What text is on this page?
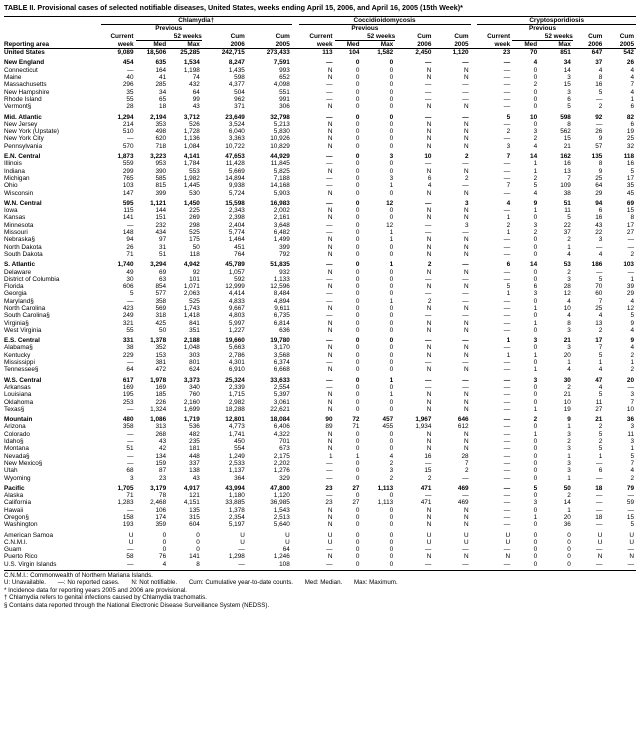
TABLE II. Provisional cases of selected notifiable diseases, United States, weeks ending April 15, 2006, and April 16, 2005 (15th Week)*
	Chlamydia†						Coccidioidomycosis						Cryptosporidiosis				
		Previous						Previous						Previous			
	Current	52 weeks		Cum	Cum		Current	52 weeks		Cum	Cum		Current	52 weeks		Cum	Cum
Reporting area	week	Med	Max	2006	2005		week	Med	Max	2006	2005		week	Med	Max	2006	2005
United States	9,089	18,506	25,285	242,715	273,433		113	104	1,582	2,450	1,120		23	70	851	647	542
New England	454	635	1,534	8,247	7,591		—	0	0	—	—		—	4	34	37	26
Connecticut	—	164	1,198	1,435	993		N	0	0	N	N		—	0	14	4	4
Maine	40	41	74	598	652		N	0	0	N	N		—	0	3	8	4
Massachusetts	296	285	432	4,377	4,098		—	0	0	—	—		—	2	15	16	7
New Hampshire	35	34	64	504	551		—	0	0	—	—		—	0	3	5	4
Rhode Island	55	65	99	962	991		—	0	0	—	—		—	0	6	—	1
Vermont§	28	18	43	371	306		N	0	0	N	N		—	0	5	2	6
Mid. Atlantic	1,294	2,194	3,712	23,649	32,798		—	0	0	—	—		5	10	598	92	82
New Jersey	214	353	526	3,524	5,213		N	0	0	N	N		—	0	8	—	6
New York (Upstate)	510	498	1,728	6,040	5,830		N	0	0	N	N		2	3	562	26	19
New York City	—	620	1,136	3,363	10,926		N	0	0	N	N		—	2	15	9	25
Pennsylvania	570	718	1,084	10,722	10,829		N	0	0	N	N		3	4	21	57	32
E.N. Central	1,873	3,223	4,141	47,653	44,929		—	0	3	10	2		7	14	162	135	118
Illinois	559	953	1,784	11,428	11,845		—	0	0	—	—		—	1	16	8	16
Indiana	299	390	553	5,669	5,825		N	0	0	N	N		—	1	13	9	5
Michigan	765	585	1,982	14,894	7,188		—	0	3	6	2		—	2	7	25	17
Ohio	103	815	1,445	9,938	14,168		—	0	1	4	—		7	5	109	64	35
Wisconsin	147	399	530	5,724	5,903		N	0	0	N	N		—	4	38	29	45
W.N. Central	595	1,121	1,450	15,598	16,983		—	0	12	—	3		4	9	51	94	69
Iowa	115	144	225	2,343	2,002		N	0	0	N	N		—	1	11	6	15
Kansas	141	151	269	2,398	2,161		N	0	0	N	N		1	0	5	16	8
Minnesota	—	232	298	2,404	3,648		—	0	12	—	3		2	3	22	43	17
Missouri	148	434	525	5,774	6,482		—	0	1	—	—		1	2	37	22	27
Nebraska§	94	97	175	1,464	1,499		N	0	1	N	N		—	0	2	3	—
North Dakota	26	31	50	451	399		N	0	0	N	N		—	0	1	—	—
South Dakota	71	51	118	764	792		N	0	0	N	N		—	0	4	4	2
S. Atlantic	1,740	3,294	4,942	45,789	51,835		—	0	1	2	—		6	14	53	186	103
Delaware	49	69	92	1,057	932		N	0	0	N	N		—	0	2	—	—
District of Columbia	30	63	101	592	1,133		—	0	0	—	—		—	0	3	5	1
Florida	606	854	1,071	12,999	12,596		N	0	0	N	N		5	6	28	70	39
Georgia	5	577	2,063	4,414	8,484		—	0	0	—	—		1	3	12	60	29
Maryland§	—	358	525	4,833	4,894		—	0	1	2	—		—	0	4	7	4
North Carolina	423	569	1,743	9,667	9,611		N	0	0	N	N		—	1	10	25	12
South Carolina§	249	318	1,418	4,803	6,735		—	0	0	—	—		—	0	4	4	5
Virginia§	321	425	841	5,997	6,814		N	0	0	N	N		—	1	8	13	9
West Virginia	55	50	351	1,227	636		N	0	0	N	N		—	0	3	2	4
E.S. Central	331	1,378	2,188	19,660	19,780		—	0	0	—	—		1	3	21	17	9
Alabama§	38	352	1,048	5,663	3,170		N	0	0	N	N		—	0	3	7	4
Kentucky	229	153	303	2,786	3,568		N	0	0	N	N		1	1	20	5	2
Mississippi	—	381	801	4,301	6,374		—	0	0	—	—		—	0	1	1	1
Tennessee§	64	472	624	6,910	6,668		N	0	0	N	N		—	1	4	4	2
W.S. Central	617	1,978	3,373	25,324	33,633		—	0	1	—	—		—	3	30	47	20
Arkansas	169	169	340	2,339	2,554		—	0	0	—	—		—	0	2	4	—
Louisiana	195	185	760	1,715	5,397		N	0	1	N	N		—	0	21	5	3
Oklahoma	253	226	2,160	2,982	3,061		N	0	0	N	N		—	0	10	11	7
Texas§	—	1,324	1,699	18,288	22,621		N	0	0	N	N		—	1	19	27	10
Mountain	480	1,086	1,719	12,801	18,084		90	72	457	1,967	646		—	2	9	21	36
Arizona	358	313	536	4,773	6,406		89	71	455	1,934	612		—	0	1	2	3
Colorado	—	268	482	1,741	4,322		N	0	0	N	N		—	1	3	5	11
Idaho§	—	43	235	450	701		N	0	0	N	N		—	0	2	2	3
Montana	51	42	181	554	673		N	0	0	N	N		—	0	3	5	1
Nevada§	—	134	448	1,249	2,175		1	1	4	16	28		—	0	1	1	5
New Mexico§	—	159	337	2,533	2,202		—	0	2	—	7		—	0	3	—	7
Utah	68	87	138	1,137	1,276		—	0	3	15	2		—	0	3	6	4
Wyoming	3	23	43	364	329		—	0	2	2	—		—	0	1	—	2
Pacific	1,705	3,179	4,917	43,994	47,800		23	27	1,113	471	469		—	5	50	18	79
Alaska	71	78	121	1,180	1,120		—	0	0	—	—		—	0	2	—	—
California	1,283	2,468	4,151	33,885	36,985		23	27	1,113	471	469		—	3	14	—	59
Hawaii	—	106	135	1,378	1,543		N	0	0	N	N		—	0	1	—	—
Oregon§	158	174	315	2,354	2,513		N	0	0	N	N		—	1	20	18	15
Washington	193	359	604	5,197	5,640		N	0	0	N	N		—	0	36	—	5
American Samoa	U	0	0	U	U		U	0	0	U	U		U	0	0	U	U
C.N.M.I.	U	0	0	U	U		U	0	0	U	U		U	0	0	U	U
Guam	—	0	0	—	64		—	0	0	—	—		—	0	0	—	—
Puerto Rico	58	76	141	1,298	1,246		N	0	0	N	N		N	0	0	N	N
U.S. Virgin Islands	—	4	8	—	108		—	0	0	—	—		—	0	0	—	—
C.N.M.I.: Commonwealth of Northern Mariana Islands.
U: Unavailable. —: No reported cases. N: Not notifiable. Cum: Cumulative year-to-date counts. Med: Median. Max: Maximum.
* Incidence data for reporting years 2005 and 2006 are provisional.
† Chlamydia refers to genital infections caused by Chlamydia trachomatis.
§ Contains data reported through the National Electronic Disease Surveillance System (NEDSS).
